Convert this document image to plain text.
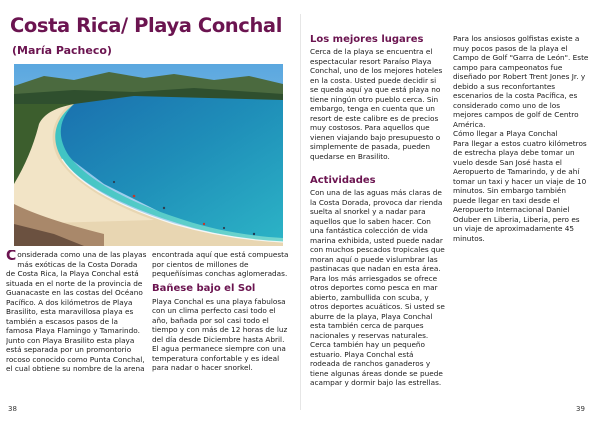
Costa Rica/ Playa Conchal
(María Pacheco)

Considerada como una de las playas más exóticas de la Costa Dorada de Costa Rica, la Playa Conchal está situada en el norte de la provincia de Guanacaste en las costas del Océano Pacífico. A dos kilómetros de Playa Brasilito, esta maravillosa playa es también a escasos pasos de la famosa Playa Flamingo y Tamarindo. Junto con Playa Brasilito esta playa está separada por un promontorio rocoso conocido como Punta Conchal, el cual obtiene su nombre de la arena

encontrada aquí que está compuesta por cientos de millones de pequeñísimas conchas aglomeradas.

Bañese bajo el Sol

Playa Conchal es una playa fabulosa con un clima perfecto casi todo el año, bañada por sol casi todo el tiempo y con más de 12 horas de luz del día desde Diciembre hasta Abril. El agua permanece siempre con una temperatura confortable y es ideal para nadar o hacer snorkel.

38

Los mejores lugares

Cerca de la playa se encuentra el espectacular resort Paraíso Playa Conchal, uno de los mejores hoteles en la costa. Usted puede decidir si se queda aquí ya que está playa no tiene ningún otro pueblo cerca. Sin embargo, tenga en cuenta que un resort de este calibre es de precios muy costosos. Para aquellos que vienen viajando bajo presupuesto o simplemente de pasada, pueden quedarse en Brasilito.

Actividades

Con una de las aguas más claras de la Costa Dorada, provoca dar rienda suelta al snorkel y a nadar para aquellos que lo saben hacer. Con una fantástica colección de vida marina exhibida, usted puede nadar con muchos pescados tropicales que moran aquí o puede vislumbrar las pastinacas que nadan en esta área. Para los más arriesgados se ofrece otros deportes como pesca en mar abierto, zambullida con scuba, y otros deportes acuáticos. Si usted se aburre de la playa, Playa Conchal esta también cerca de parques nacionales y reservas naturales. Cerca también hay un pequeño estuario. Playa Conchal está rodeada de ranchos ganaderos y tiene algunas áreas donde se puede acampar y dormir bajo las estrellas.

Para los ansiosos golfistas existe a muy pocos pasos de la playa el Campo de Golf "Garra de León". Este campo para campeonatos fue diseñado por Robert Trent Jones Jr. y debido a sus reconfortantes escenarios de la costa Pacífica, es considerado como uno de los mejores campos de golf de Centro América.

Cómo llegar a Playa Conchal

Para llegar a estos cuatro kilómetros de estrecha playa debe tomar un vuelo desde San José hasta el Aeropuerto de Tamarindo, y de ahí tomar un taxi y hacer un viaje de 10 minutos. Sin embargo también puede llegar en taxi desde el Aeropuerto Internacional Daniel Oduber en Liberia, Liberia, pero es un viaje de aproximadamente 45 minutos.

39
